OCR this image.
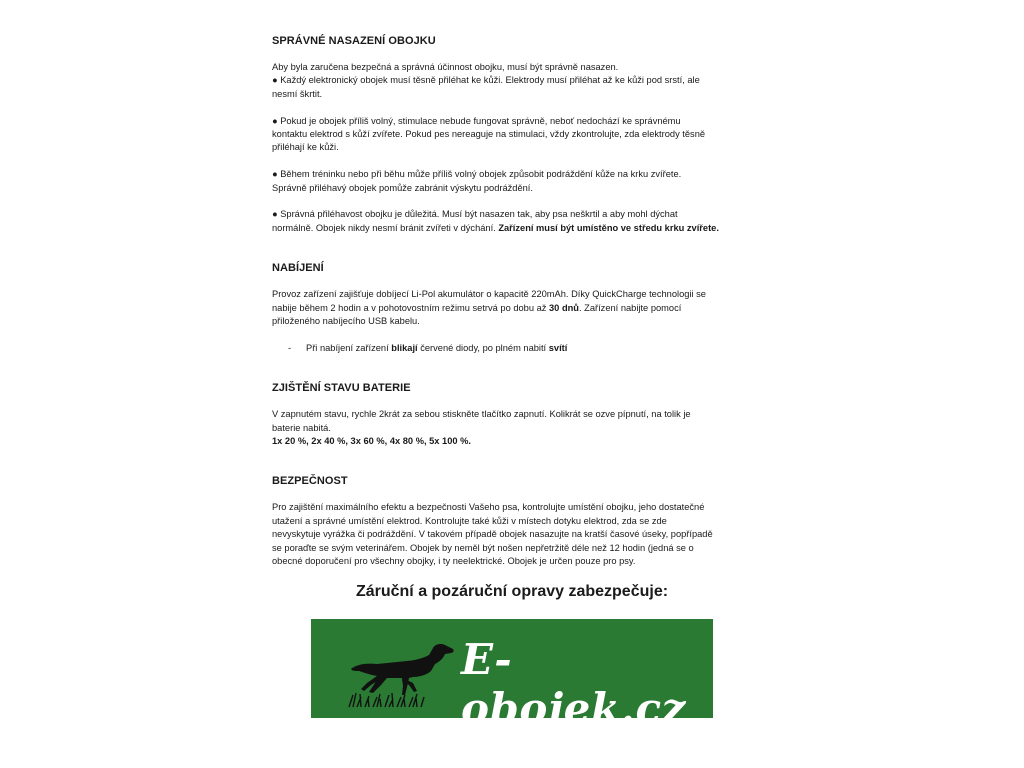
SPRÁVNÉ NASAZENÍ OBOJKU

Aby byla zaručena bezpečná a správná účinnost obojku, musí být správně nasazen.

● Každý elektronický obojek musí těsně přiléhat ke kůži. Elektrody musí přiléhat až ke kůži pod srstí, ale

nesmí škrtit.

● Pokud je obojek příliš volný, stimulace nebude fungovat správně, neboť nedochází ke správnému

kontaktu elektrod s kůží zvířete. Pokud pes nereaguje na stimulaci, vždy zkontrolujte, zda elektrody těsně

přiléhají ke kůži.

● Během tréninku nebo při běhu může příliš volný obojek způsobit podráždění kůže na krku zvířete.

Správně přiléhavý obojek pomůže zabránit výskytu podráždění.

● Správná přiléhavost obojku je důležitá. Musí být nasazen tak, aby psa neškrtil a aby mohl dýchat

normálně. Obojek nikdy nesmí bránit zvířeti v dýchání. Zařízení musí být umístěno ve středu krku zvířete.

NABÍJENÍ

Provoz zařízení zajišťuje dobíjecí Li-Pol akumulátor o kapacitě 220mAh. Díky QuickCharge technologii se

nabije během 2 hodin a v pohotovostním režimu setrvá po dobu až 30 dnů. Zařízení nabijte pomocí

přiloženého nabíjecího USB kabelu.

-	Při nabíjení zařízení blikají červené diody, po plném nabití svítí
ZJIŠTĚNÍ STAVU BATERIE

V zapnutém stavu, rychle 2krát za sebou stiskněte tlačítko zapnutí. Kolikrát se ozve pípnutí, na tolik je

baterie nabitá.

1x 20 %, 2x 40 %, 3x 60 %, 4x 80 %, 5x 100 %.

BEZPEČNOST

Pro zajištění maximálního efektu a bezpečnosti Vašeho psa, kontrolujte umístění obojku, jeho dostatečné

utažení a správné umístění elektrod. Kontrolujte také kůži v místech dotyku elektrod, zda se zde

nevyskytuje vyrážka či podráždění. V takovém případě obojek nasazujte na kratší časové úseky, popřípadě

se poraďte se svým veterinářem. Obojek by neměl být nošen nepřetržitě déle než 12 hodin (jedná se o

obecné doporučení pro všechny obojky, i ty neelektrické. Obojek je určen pouze pro psy.

Záruční a pozáruční opravy zabezpečuje:
E-obojek.cz
